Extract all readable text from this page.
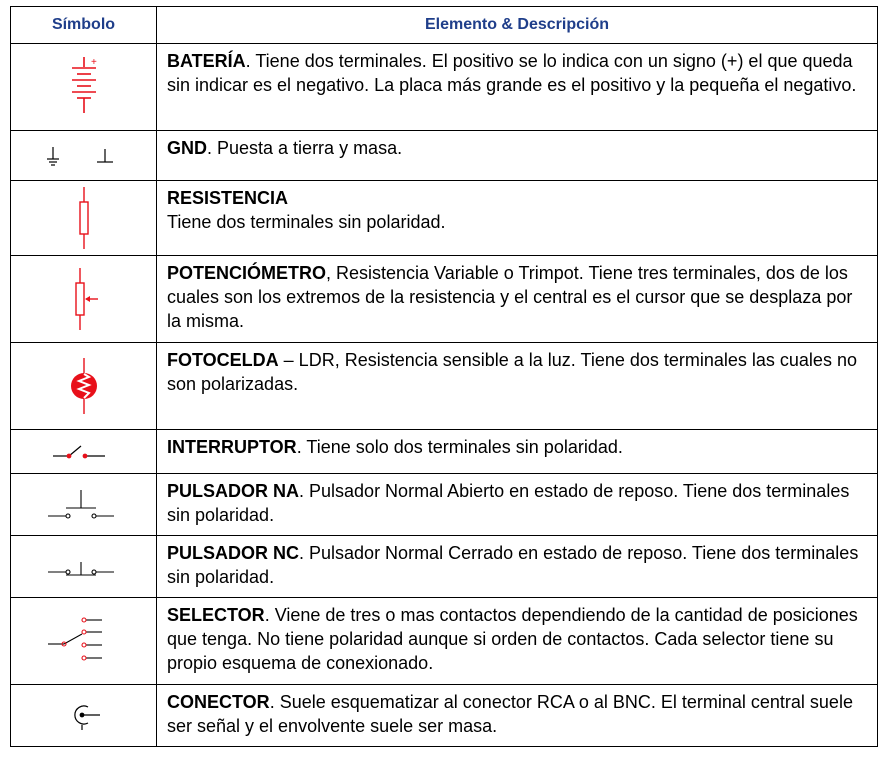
Símbolo	Elemento & Descripción

+	BATERÍA. Tiene dos terminales. El positivo se lo indica con un signo (+) el que queda sin indicar es el negativo. La placa más grande es el positivo y la pequeña el negativo.
	GND. Puesta a tierra y masa.
	RESISTENCIA
Tiene dos terminales sin polaridad.
	POTENCIÓMETRO, Resistencia Variable o Trimpot. Tiene tres terminales, dos de los cuales son los extremos de la resistencia y el central es el cursor que se desplaza por la misma.
	FOTOCELDA – LDR, Resistencia sensible a la luz. Tiene dos terminales las cuales no son polarizadas.
	INTERRUPTOR. Tiene solo dos terminales sin polaridad.
	PULSADOR NA. Pulsador Normal Abierto en estado de reposo. Tiene dos terminales sin polaridad.
	PULSADOR NC. Pulsador Normal Cerrado en estado de reposo. Tiene dos terminales sin polaridad.
	SELECTOR. Viene de tres o mas contactos dependiendo de la cantidad de posiciones que tenga. No tiene polaridad aunque si orden de contactos. Cada selector tiene su propio esquema de conexionado.
	CONECTOR. Suele esquematizar al conector RCA o al BNC. El terminal central suele ser señal y el envolvente suele ser masa.
